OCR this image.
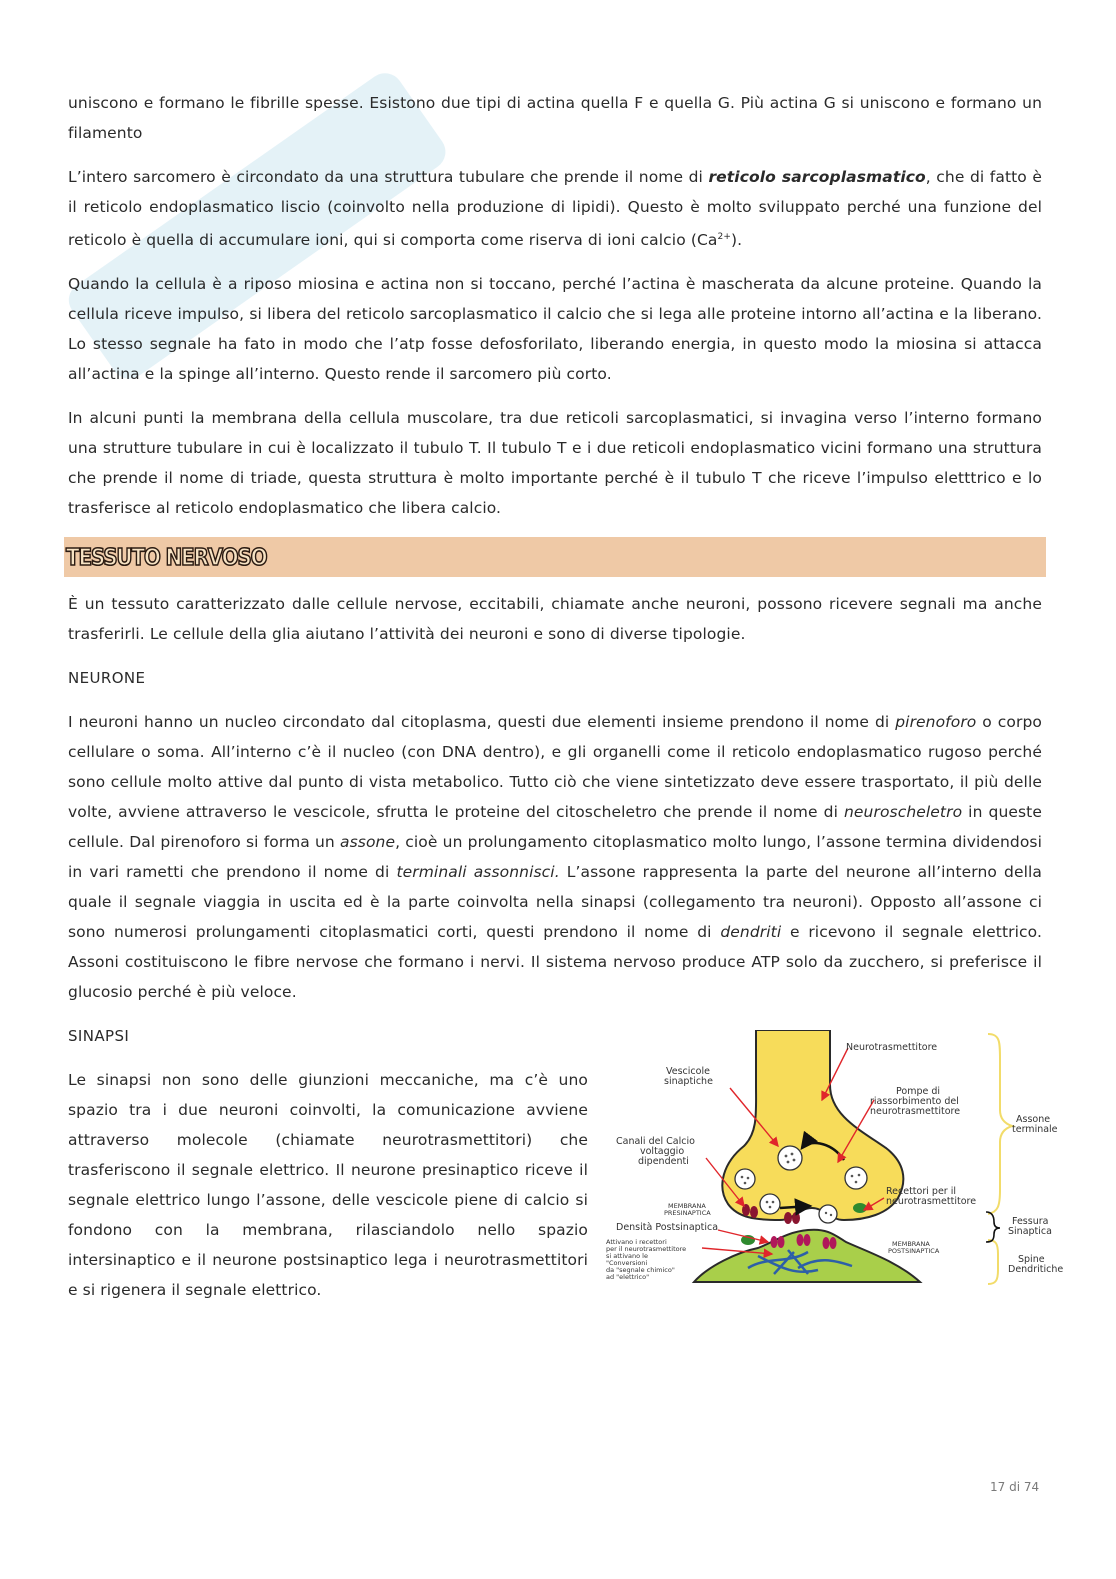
uniscono e formano le fibrille spesse. Esistono due tipi di actina quella F e quella G. Più actina G si uniscono e formano un filamento

L’intero sarcomero è circondato da una struttura tubulare che prende il nome di reticolo sarcoplasmatico, che di fatto è il reticolo endoplasmatico liscio (coinvolto nella produzione di lipidi). Questo è molto sviluppato perché una funzione del reticolo è quella di accumulare ioni, qui si comporta come riserva di ioni calcio $(Ca^{2+})$.

Quando la cellula è a riposo miosina e actina non si toccano, perché l’actina è mascherata da alcune proteine. Quando la cellula riceve impulso, si libera del reticolo sarcoplasmatico il calcio che si lega alle proteine intorno all’actina e la liberano. Lo stesso segnale ha fato in modo che l’atp fosse defosforilato, liberando energia, in questo modo la miosina si attacca all’actina e la spinge all’interno. Questo rende il sarcomero più corto.

In alcuni punti la membrana della cellula muscolare, tra due reticoli sarcoplasmatici, si invagina verso l’interno formano una strutture tubulare in cui è localizzato il tubulo T. Il tubulo T e i due reticoli endoplasmatico vicini formano una struttura che prende il nome di triade, questa struttura è molto importante perché è il tubulo T che riceve l’impulso eletttrico e lo trasferisce al reticolo endoplasmatico che libera calcio.

TESSUTO NERVOSO

È un tessuto caratterizzato dalle cellule nervose, eccitabili, chiamate anche neuroni, possono ricevere segnali ma anche trasferirli. Le cellule della glia aiutano l’attività dei neuroni e sono di diverse tipologie.

NEURONE

I neuroni hanno un nucleo circondato dal citoplasma, questi due elementi insieme prendono il nome di pirenoforo o corpo cellulare o soma. All’interno c’è il nucleo (con DNA dentro), e gli organelli come il reticolo endoplasmatico rugoso perché sono cellule molto attive dal punto di vista metabolico. Tutto ciò che viene sintetizzato deve essere trasportato, il più delle volte, avviene attraverso le vescicole, sfrutta le proteine del citoscheletro che prende il nome di neuroscheletro in queste cellule. Dal pirenoforo si forma un assone, cioè un prolungamento citoplasmatico molto lungo, l’assone termina dividendosi in vari rametti che prendono il nome di terminali assonnisci. L’assone rappresenta la parte del neurone all’interno della quale il segnale viaggia in uscita ed è la parte coinvolta nella sinapsi (collegamento tra neuroni). Opposto all’assone ci sono numerosi prolungamenti citoplasmatici corti, questi prendono il nome di dendriti e ricevono il segnale elettrico. Assoni costituiscono le fibre nervose che formano i nervi. Il sistema nervoso produce ATP solo da zucchero, si preferisce il glucosio perché è più veloce.

SINAPSI

Le sinapsi non sono delle giunzioni meccaniche, ma c’è uno spazio tra i due neuroni coinvolti, la comunicazione avviene attraverso molecole (chiamate neurotrasmettitori) che trasferiscono il segnale elettrico. Il neurone presinaptico riceve il segnale elettrico lungo l’assone, delle vescicole piene di calcio si fondono con la membrana, rilasciandolo nello spazio intersinaptico e il neurone postsinaptico lega i neurotrasmettitori e si rigenera il segnale elettrico.

Neurotrasmettitore
Vescicole
sinaptiche
Pompe di
riassorbimento del
neurotrasmettitore
Canali del Calcio
voltaggio
dipendenti
Recettori per il
neurotrasmettitore
MEMBRANA
PRESINAPTICA
Densità Postsinaptica
MEMBRANA
POSTSINAPTICA
Attivano i recettori
per il neurotrasmettitore
si attivano le
"Conversioni
da "segnale chimico"
ad "elettrico"
Assone
terminale
Fessura
Sinaptica
Spine
Dendritiche
17 di 74
